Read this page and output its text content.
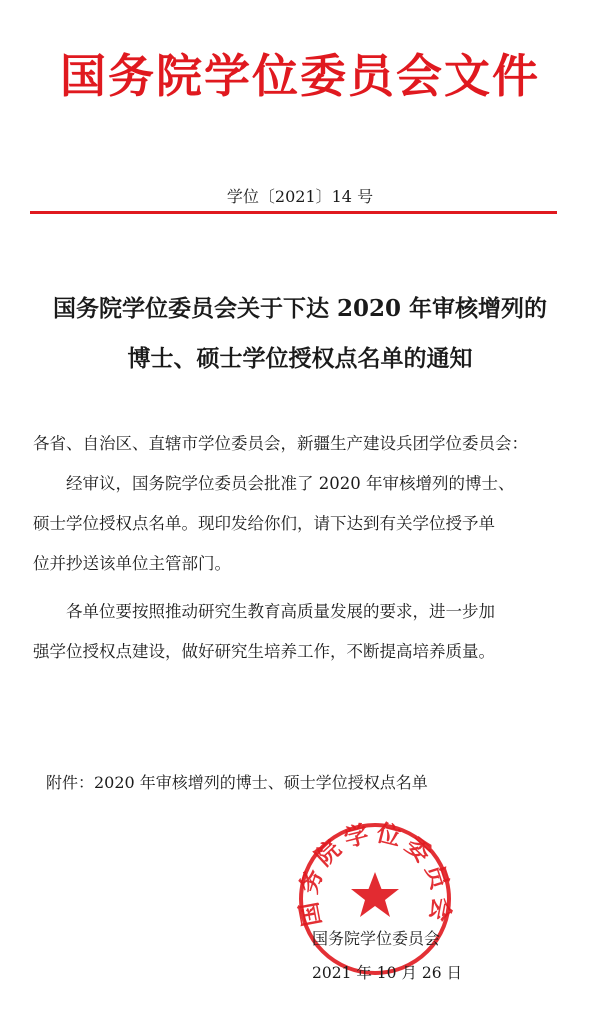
国务院学位委员会文件
学位〔2021〕14 号
国务院学位委员会关于下达 2020 年审核增列的
博士、硕士学位授权点名单的通知
各省、自治区、直辖市学位委员会，新疆生产建设兵团学位委员会：
经审议，国务院学位委员会批准了 2020 年审核增列的博士、
硕士学位授权点名单。现印发给你们，请下达到有关学位授予单
位并抄送该单位主管部门。
各单位要按照推动研究生教育高质量发展的要求，进一步加
强学位授权点建设，做好研究生培养工作，不断提高培养质量。
附件：2020 年审核增列的博士、硕士学位授权点名单
国务院学位委员会
国务院学位委员会
2021 年 10 月 26 日
